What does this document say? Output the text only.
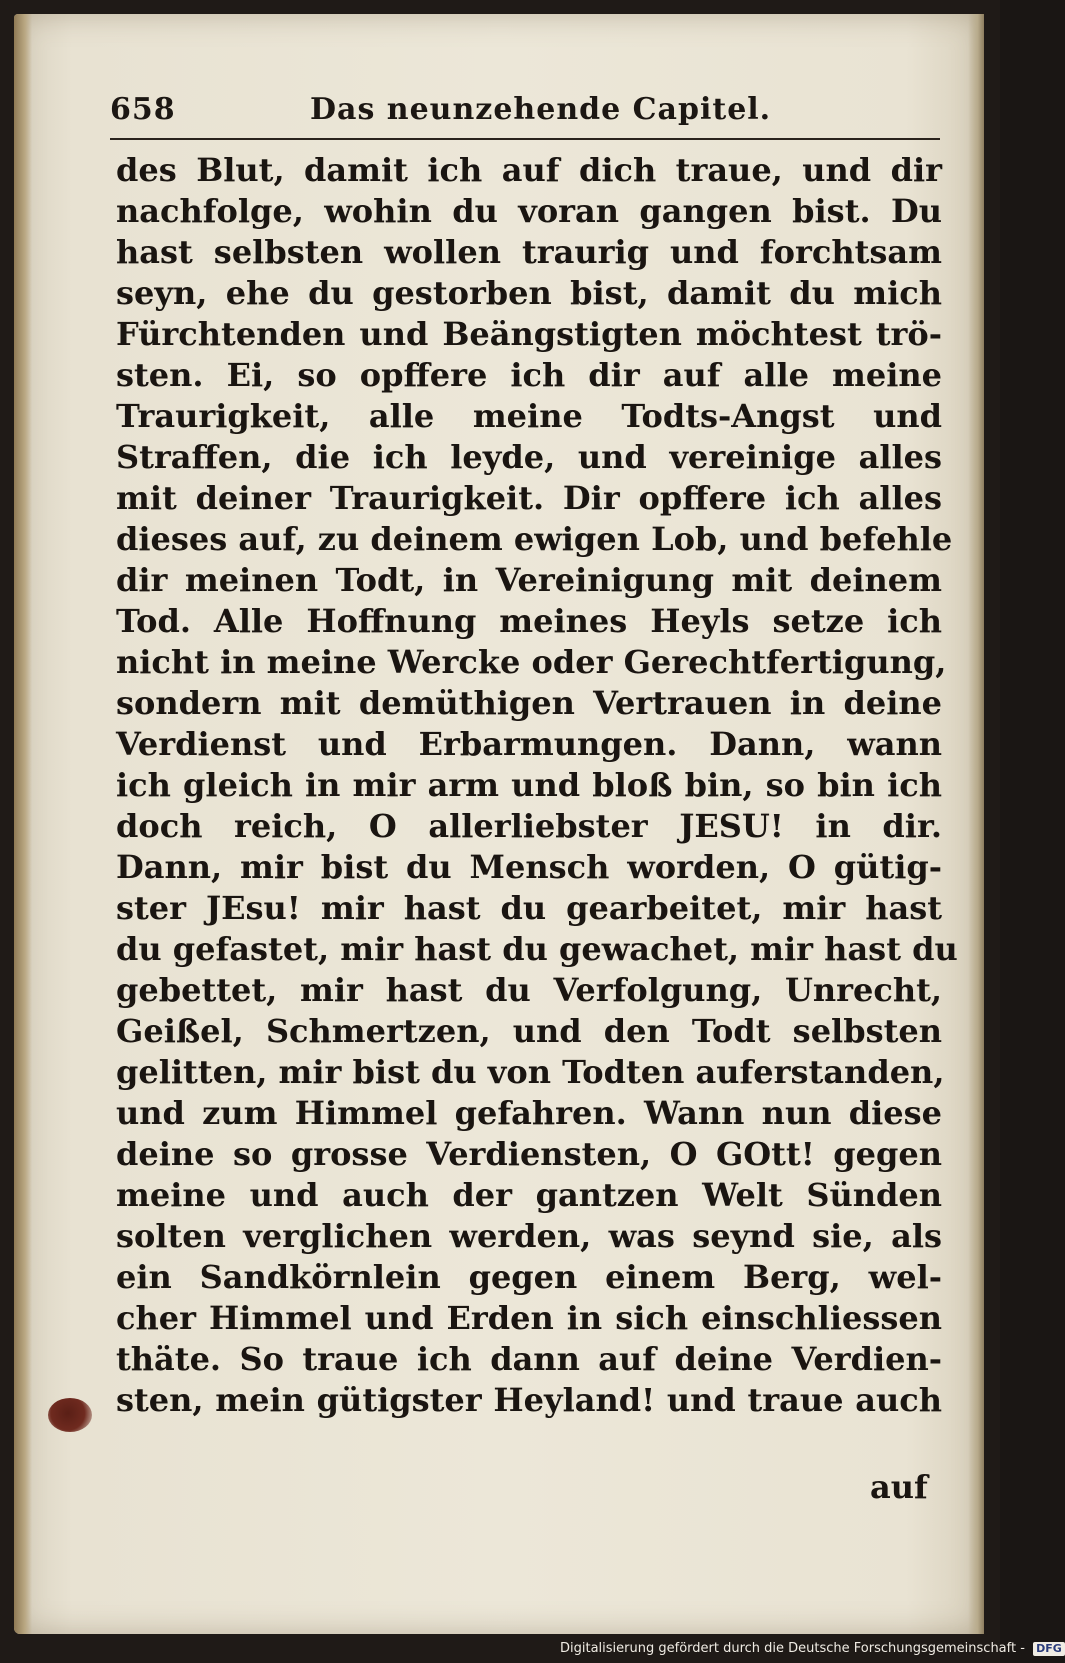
658	Das neunzehende Capitel.
des Blut, damit ich auf dich traue, und dir
nachfolge, wohin du voran gangen bist. Du
hast selbsten wollen traurig und forchtsam
seyn, ehe du gestorben bist, damit du mich
Fürchtenden und Beängstigten möchtest trö-
sten. Ei, so opffere ich dir auf alle meine
Traurigkeit, alle meine Todts-Angst und
Straffen, die ich leyde, und vereinige alles
mit deiner Traurigkeit. Dir opffere ich alles
dieses auf, zu deinem ewigen Lob, und befehle
dir meinen Todt, in Vereinigung mit deinem
Tod. Alle Hoffnung meines Heyls setze ich
nicht in meine Wercke oder Gerechtfertigung,
sondern mit demüthigen Vertrauen in deine
Verdienst und Erbarmungen. Dann, wann
ich gleich in mir arm und bloß bin, so bin ich
doch reich, O allerliebster JESU! in dir.
Dann, mir bist du Mensch worden, O gütig-
ster JEsu! mir hast du gearbeitet, mir hast
du gefastet, mir hast du gewachet, mir hast du
gebettet, mir hast du Verfolgung, Unrecht,
Geißel, Schmertzen, und den Todt selbsten
gelitten, mir bist du von Todten auferstanden,
und zum Himmel gefahren. Wann nun diese
deine so grosse Verdiensten, O GOtt! gegen
meine und auch der gantzen Welt Sünden
solten verglichen werden, was seynd sie, als
ein Sandkörnlein gegen einem Berg, wel-
cher Himmel und Erden in sich einschliessen
thäte. So traue ich dann auf deine Verdien-
sten, mein gütigster Heyland! und traue auch
auf
Digitalisierung gefördert durch die Deutsche Forschungsgemeinschaft - DFG
